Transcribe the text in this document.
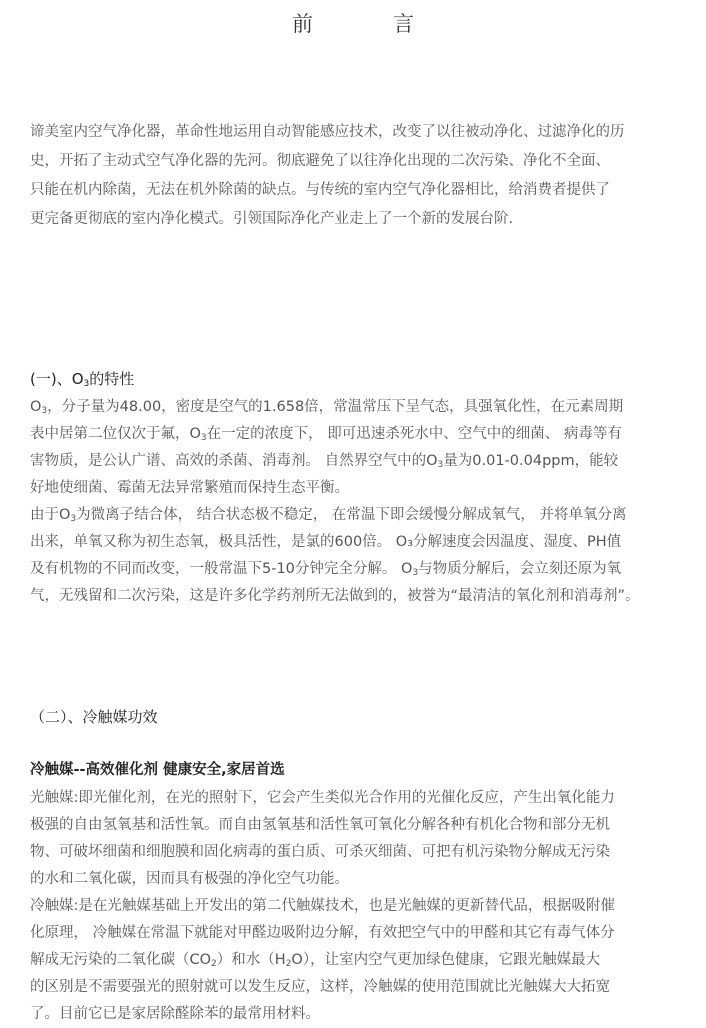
前言
谛美室内空气净化器，革命性地运用自动智能感应技术，改变了以往被动净化、过滤净化的历
史，开拓了主动式空气净化器的先河。彻底避免了以往净化出现的二次污染、净化不全面、
只能在机内除菌，无法在机外除菌的缺点。与传统的室内空气净化器相比，给消费者提供了
更完备更彻底的室内净化模式。引领国际净化产业走上了一个新的发展台阶.
(一)、$O_3$的特性
$O_3$，分子量为48.00，密度是空气的1.658倍，常温常压下呈气态，具强氧化性，在元素周期
表中居第二位仅次于氟，$O_3$在一定的浓度下， 即可迅速杀死水中、空气中的细菌、 病毒等有
害物质，是公认广谱、高效的杀菌、消毒剂。 自然界空气中的$O_3$量为0.01-0.04ppm，能较
好地使细菌、霉菌无法异常繁殖而保持生态平衡。
由于$O_3$为微离子结合体， 结合状态极不稳定， 在常温下即会缓慢分解成氧气， 并将单氧分离
出来，单氧又称为初生态氧，极具活性，是氯的600倍。 O₃分解速度会因温度、湿度、PH值
及有机物的不同而改变，一般常温下5-10分钟完全分解。 $O_3$与物质分解后，会立刻还原为氧
气，无残留和二次污染，这是许多化学药剂所无法做到的，被誉为“最清洁的氧化剂和消毒剂”。
（二）、冷触媒功效
冷触媒--高效催化剂 健康安全,家居首选
光触媒:即光催化剂，在光的照射下，它会产生类似光合作用的光催化反应，产生出氧化能力
极强的自由氢氧基和活性氧。而自由氢氧基和活性氧可氧化分解各种有机化合物和部分无机
物、可破坏细菌和细胞膜和固化病毒的蛋白质、可杀灭细菌、可把有机污染物分解成无污染
的水和二氧化碳，因而具有极强的净化空气功能。
冷触媒:是在光触媒基础上开发出的第二代触媒技术，也是光触媒的更新替代品，根据吸附催
化原理， 冷触媒在常温下就能对甲醛边吸附边分解，有效把空气中的甲醛和其它有毒气体分
解成无污染的二氧化碳$(CO_2)$和水$(H_2O)$，让室内空气更加绿色健康，它跟光触媒最大
的区别是不需要强光的照射就可以发生反应，这样，冷触媒的使用范围就比光触媒大大拓宽
了。目前它已是家居除醛除苯的最常用材料。
